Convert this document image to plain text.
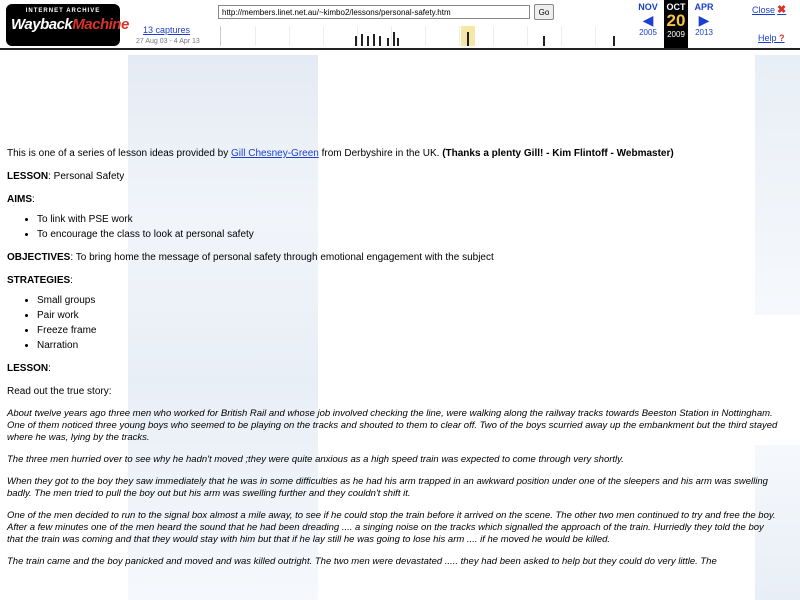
INTERNET ARCHIVE
WaybackMachine 13 captures
27 Aug 03 - 4 Apr 13
http://members.linet.net.au/~kimbo2/lessons/personal-safety.htm
Go	NOV
◀
2005
OCT
20
2009
APR
▶
2013
Close ✖
Help ?

This is one of a series of lesson ideas provided by Gill Chesney-Green from Derbyshire in the UK. (Thanks a plenty Gill! - Kim Flintoff - Webmaster)

LESSON: Personal Safety

AIMS:

• To link with PSE work
• To encourage the class to look at personal safety

OBJECTIVES: To bring home the message of personal safety through emotional engagement with the subject

STRATEGIES:

• Small groups
• Pair work
• Freeze frame
• Narration

LESSON:

Read out the true story:

About twelve years ago three men who worked for British Rail and whose job involved checking the line, were walking along the railway tracks towards Beeston Station in Nottingham. One of them noticed three young boys who seemed to be playing on the tracks and shouted to them to clear off. Two of the boys scurried away up the embankment but the third stayed where he was, lying by the tracks.

The three men hurried over to see why he hadn't moved ;they were quite anxious as a high speed train was expected to come through very shortly.

When they got to the boy they saw immediately that he was in some difficulties as he had his arm trapped in an awkward position under one of the sleepers and his arm was swelling badly. The men tried to pull the boy out but his arm was swelling further and they couldn't shift it.

One of the men decided to run to the signal box almost a mile away, to see if he could stop the train before it arrived on the scene. The other two men continued to try and free the boy. After a few minutes one of the men heard the sound that he had been dreading .... a singing noise on the tracks which signalled the approach of the train. Hurriedly they told the boy that the train was coming and that they would stay with him but that if he lay still he was going to lose his arm .... if he moved he would be killed.

The train came and the boy panicked and moved and was killed outright. The two men were devastated ..... they had been asked to help but they could do very little. The
